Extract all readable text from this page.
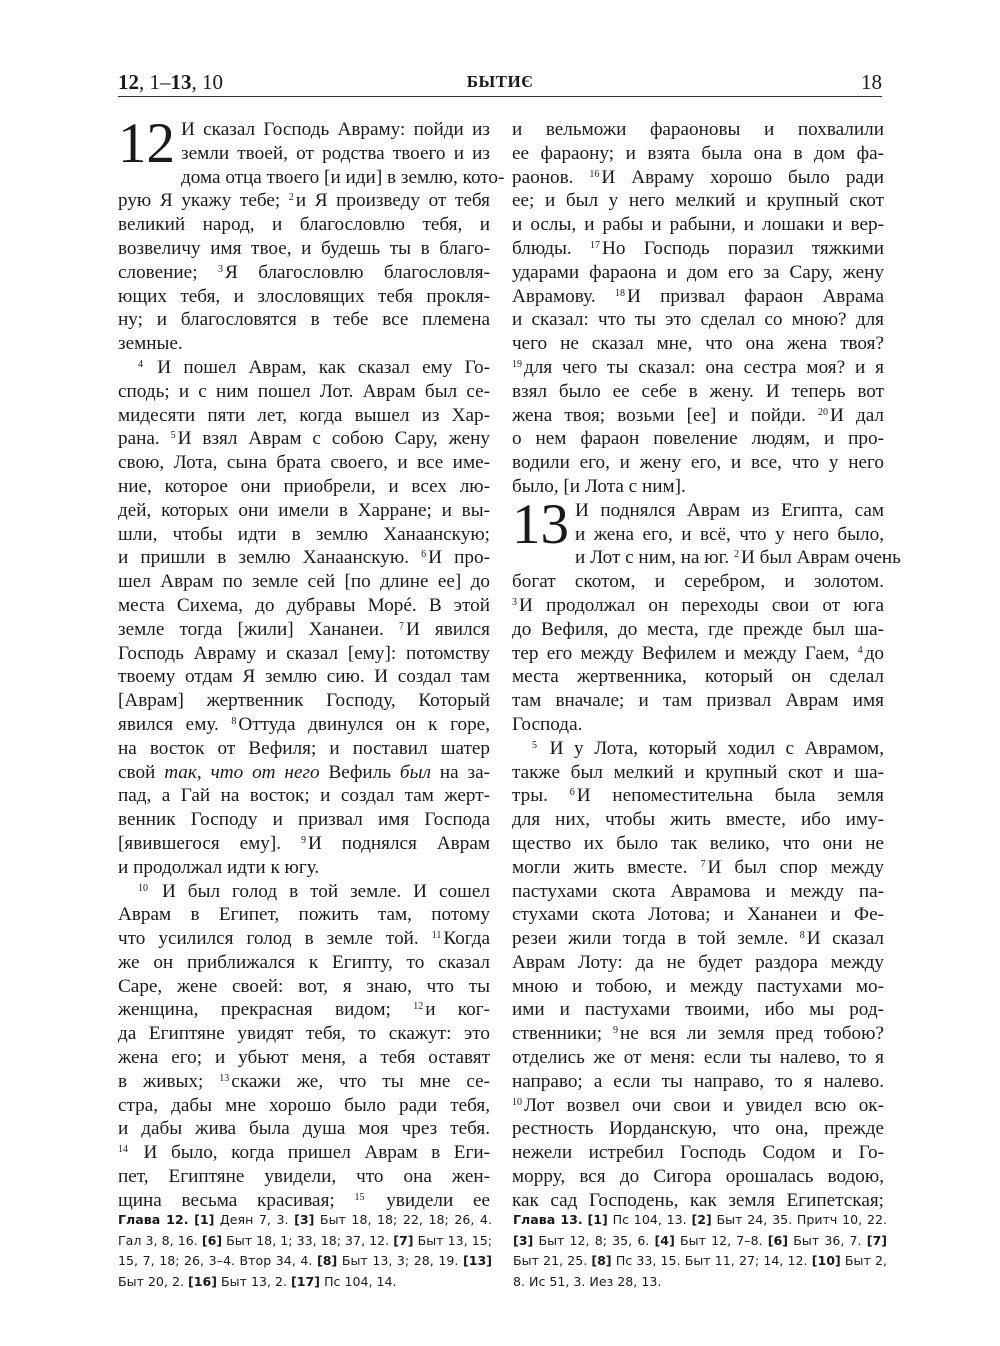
12, 1–13, 10	БЫТИЄ	18
12 И сказал Господь Авраму: пойди из
земли твоей, от родства твоего и из
дома отца твоего [и иди] в землю, кото-
рую Я укажу тебе; $^2$ и Я произведу от тебя
великий народ, и благословлю тебя, и
возвеличу имя твое, и будешь ты в благо-
словение; $^3$ Я благословлю благословля-
ющих тебя, и злословящих тебя прокля-
ну; и благословятся в тебе все племена
земные.
$^4$ И пошел Аврам, как сказал ему Го-
сподь; и с ним пошел Лот. Аврам был се-
мидесяти пяти лет, когда вышел из Хар-
рана. $^5$ И взял Аврам с собою Сару, жену
свою, Лота, сына брата своего, и все име-
ние, которое они приобрели, и всех лю-
дей, которых они имели в Харране; и вы-
шли, чтобы идти в землю Ханаанскую;
и пришли в землю Ханаанскую. $^6$ И про-
шел Аврам по земле сей [по длине ее] до
места Сихема, до дубравы Морé. В этой
земле тогда [жили] Хананеи. $^7$ И явился
Господь Авраму и сказал [ему]: потомству
твоему отдам Я землю сию. И создал там
[Аврам] жертвенник Господу, Который
явился ему. $^8$ Оттуда двинулся он к горе,
на восток от Вефиля; и поставил шатер
свой так, что от него Вефиль был на за-
пад, а Гай на восток; и создал там жерт-
венник Господу и призвал имя Господа
[явившегося ему]. $^9$ И поднялся Аврам
и продолжал идти к югу.
$^{10}$ И был голод в той земле. И сошел
Аврам в Египет, пожить там, потому
что усилился голод в земле той. $^{11}$ Когда
же он приближался к Египту, то сказал
Саре, жене своей: вот, я знаю, что ты
женщина, прекрасная видом; $^{12}$ и ког-
да Египтяне увидят тебя, то скажут: это
жена его; и убьют меня, а тебя оставят
в живых; $^{13}$ скажи же, что ты мне се-
стра, дабы мне хорошо было ради тебя,
и дабы жива была душа моя чрез тебя.
$^{14}$ И было, когда пришел Аврам в Еги-
пет, Египтяне увидели, что она жен-
щина весьма красивая; $^{15}$ увидели ее
и вельможи фараоновы и похвалили
ее фараону; и взята была она в дом фа-
раонов. $^{16}$ И Авраму хорошо было ради
ее; и был у него мелкий и крупный скот
и ослы, и рабы и рабыни, и лошаки и вер-
блюды. $^{17}$ Но Господь поразил тяжкими
ударами фараона и дом его за Сару, жену
Аврамову. $^{18}$ И призвал фараон Аврама
и сказал: что ты это сделал со мною? для
чего не сказал мне, что она жена твоя?
$^{19}$ для чего ты сказал: она сестра моя? и я
взял было ее себе в жену. И теперь вот
жена твоя; возьми [ее] и пойди. $^{20}$ И дал
о нем фараон повеление людям, и про-
водили его, и жену его, и все, что у него
было, [и Лота с ним].
13 И поднялся Аврам из Египта, сам
и жена его, и всё, что у него было,
и Лот с ним, на юг. $^2$ И был Аврам очень
богат скотом, и серебром, и золотом.
$^3$ И продолжал он переходы свои от юга
до Вефиля, до места, где прежде был ша-
тер его между Вефилем и между Гаем, $^4$ до
места жертвенника, который он сделал
там вначале; и там призвал Аврам имя
Господа.
$^5$ И у Лота, который ходил с Аврамом,
также был мелкий и крупный скот и ша-
тры. $^6$ И непоместительна была земля
для них, чтобы жить вместе, ибо иму-
щество их было так велико, что они не
могли жить вместе. $^7$ И был спор между
пастухами скота Аврамова и между па-
стухами скота Лотова; и Хананеи и Фе-
резеи жили тогда в той земле. $^8$ И сказал
Аврам Лоту: да не будет раздора между
мною и тобою, и между пастухами мо-
ими и пастухами твоими, ибо мы род-
ственники; $^9$ не вся ли земля пред тобою?
отделись же от меня: если ты налево, то я
направо; а если ты направо, то я налево.
$^{10}$ Лот возвел очи свои и увидел всю ок-
рестность Иорданскую, что она, прежде
нежели истребил Господь Содом и Го-
морру, вся до Сигора орошалась водою,
как сад Господень, как земля Египетская;
Глава 12. [1] Деян 7, 3. [3] Быт 18, 18; 22, 18; 26, 4. Гал 3, 8, 16. [6] Быт 18, 1; 33, 18; 37, 12. [7] Быт 13, 15; 15, 7, 18; 26, 3–4. Втор 34, 4. [8] Быт 13, 3; 28, 19. [13] Быт 20, 2. [16] Быт 13, 2. [17] Пс 104, 14.
Глава 13. [1] Пс 104, 13. [2] Быт 24, 35. Притч 10, 22. [3] Быт 12, 8; 35, 6. [4] Быт 12, 7–8. [6] Быт 36, 7. [7] Быт 21, 25. [8] Пс 33, 15. Быт 11, 27; 14, 12. [10] Быт 2, 8. Ис 51, 3. Иез 28, 13.
